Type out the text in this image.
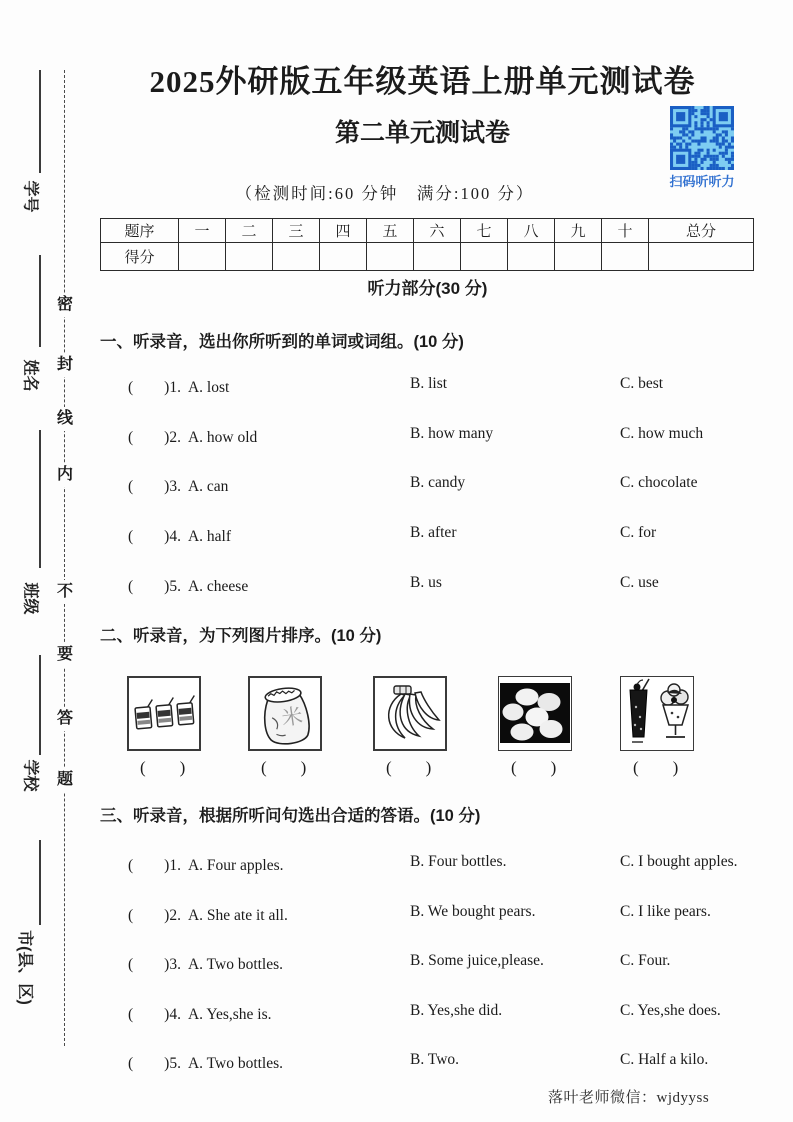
学号
姓名
班级
学校
市(县、区)
密
封
线
内
不
要
答
题
2025外研版五年级英语上册单元测试卷
第二单元测试卷
（检测时间:60 分钟　满分:100 分）
扫码听听力
题序	一	二	三	四	五	六	七	八	九	十	总分
得分											
听力部分(30 分)
一、听录音，选出你所听到的单词或词组。(10 分)
(　　)1. A. lost	B. list	C. best
(　　)2. A. how old	B. how many	C. how much
(　　)3. A. can	B. candy	C. chocolate
(　　)4. A. half	B. after	C. for
(　　)5. A. cheese	B. us	C. use
二、听录音，为下列图片排序。(10 分)
米
(　　)	(　　)	(　　)	(　　)	(　　)
三、听录音，根据所听问句选出合适的答语。(10 分)
(　　)1. A. Four apples.	B. Four bottles.	C. I bought apples.
(　　)2. A. She ate it all.	B. We bought pears.	C. I like pears.
(　　)3. A. Two bottles.	B. Some juice,please.	C. Four.
(　　)4. A. Yes,she is.	B. Yes,she did.	C. Yes,she does.
(　　)5. A. Two bottles.	B. Two.	C. Half a kilo.
落叶老师微信：wjdyyss
